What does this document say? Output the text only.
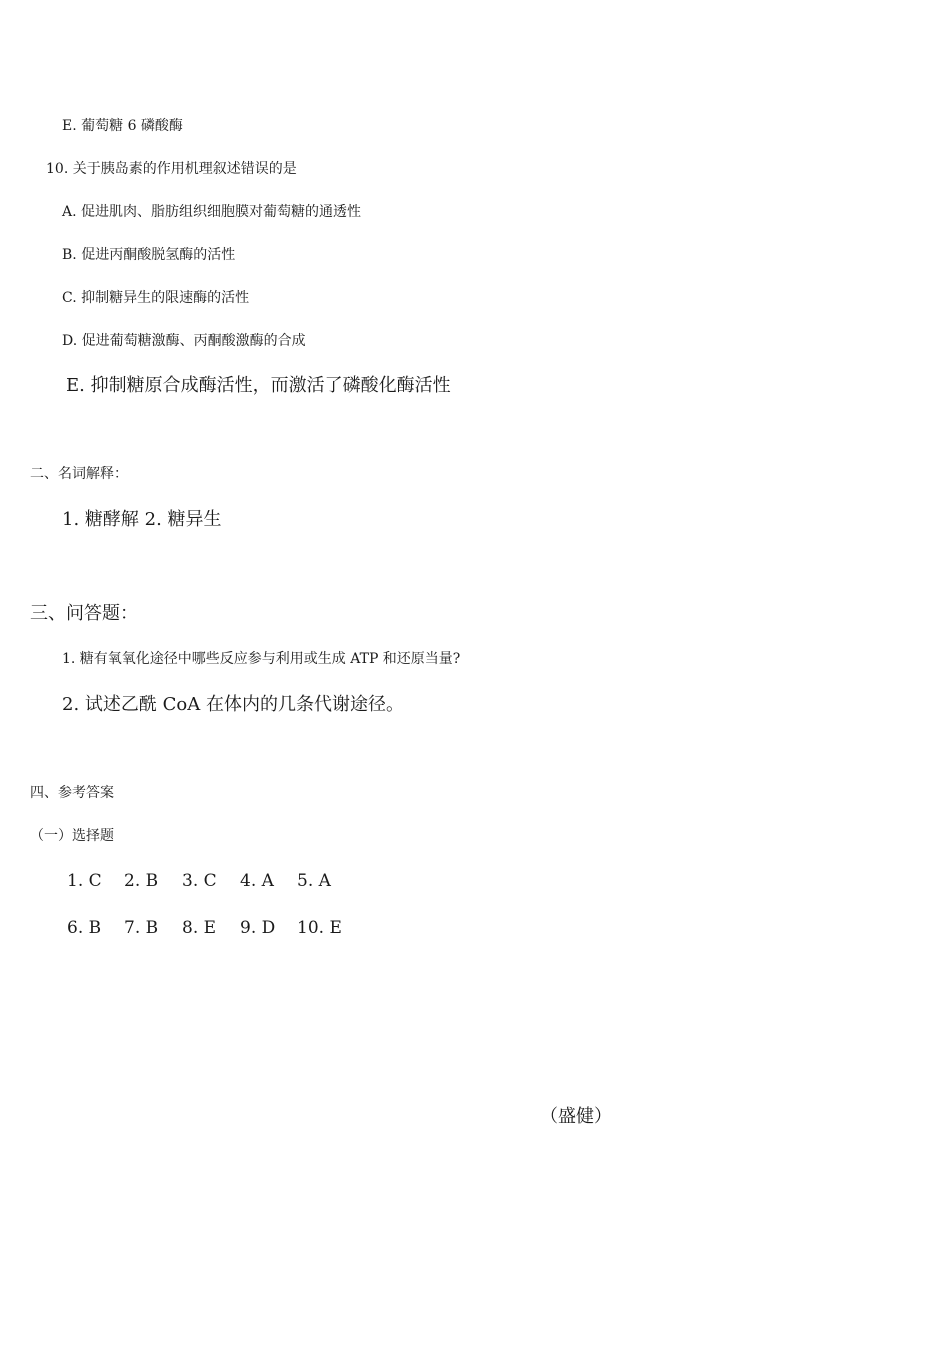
E. 葡萄糖 6 磷酸酶
10. 关于胰岛素的作用机理叙述错误的是
A. 促进肌肉、脂肪组织细胞膜对葡萄糖的通透性
B. 促进丙酮酸脱氢酶的活性
C. 抑制糖异生的限速酶的活性
D. 促进葡萄糖激酶、丙酮酸激酶的合成
E. 抑制糖原合成酶活性，而激活了磷酸化酶活性
二、名词解释：
1. 糖酵解 2. 糖异生
三、问答题：
1. 糖有氧氧化途径中哪些反应参与利用或生成 ATP 和还原当量?
2. 试述乙酰 CoA 在体内的几条代谢途径。
四、参考答案
（一）选择题
1. C	2. B	3. C	4. A	5. A
6. B	7. B	8. E	9. D	10. E
（盛健）
